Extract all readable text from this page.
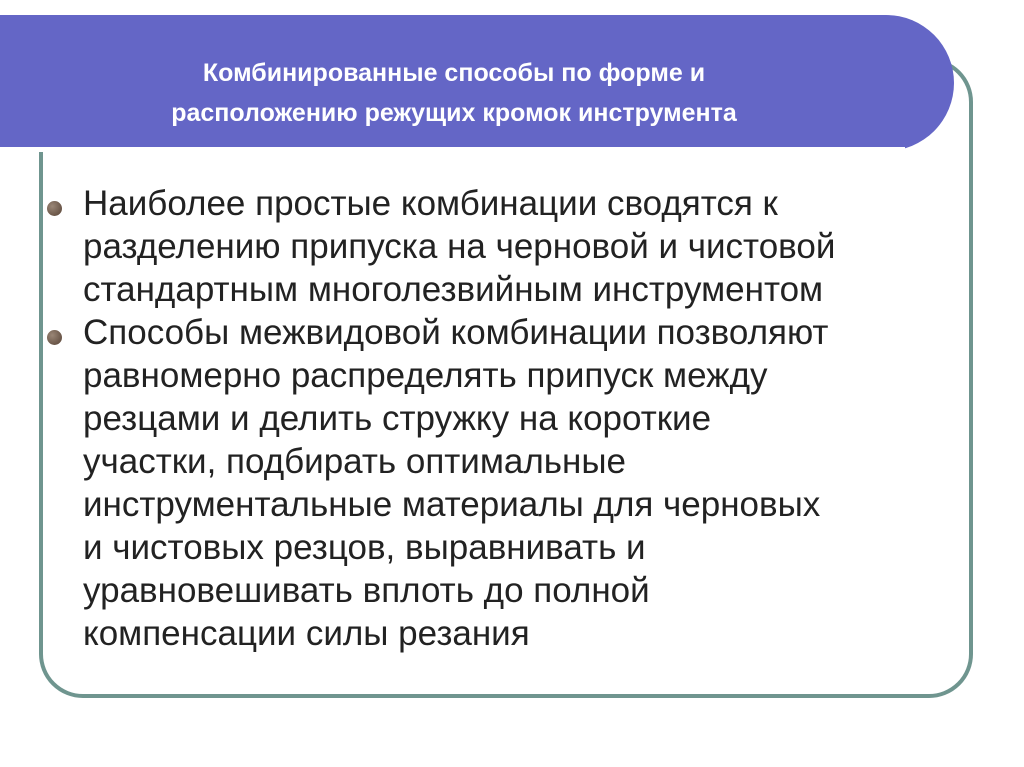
Комбинированные способы по форме и
расположению режущих кромок инструмента
Наиболее простые комбинации сводятся к
разделению припуска на черновой и чистовой
стандартным многолезвийным инструментом
Способы межвидовой комбинации позволяют
равномерно распределять припуск между
резцами и делить стружку на короткие
участки, подбирать оптимальные
инструментальные материалы для черновых
и чистовых резцов, выравнивать и
уравновешивать вплоть до полной
компенсации силы резания
